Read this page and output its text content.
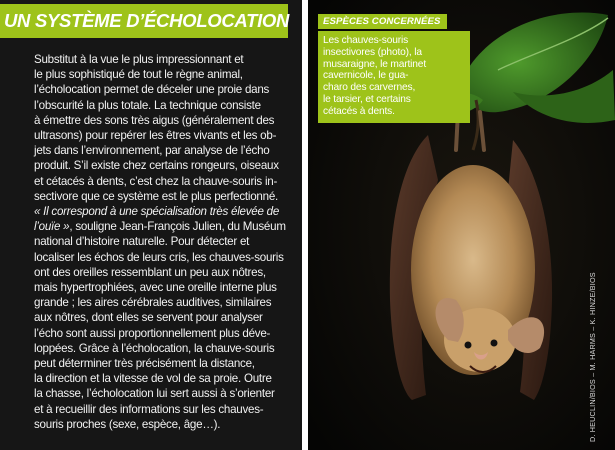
UN SYSTÈME D’ÉCHOLOCATION
Substitut à la vue le plus impressionnant et
le plus sophistiqué de tout le règne animal,
l’écholocation permet de déceler une proie dans
l’obscurité la plus totale. La technique consiste
à émettre des sons très aigus (généralement des
ultrasons) pour repérer les êtres vivants et les ob-
jets dans l’environnement, par analyse de l’écho
produit. S’il existe chez certains rongeurs, oiseaux
et cétacés à dents, c’est chez la chauve-souris in-
sectivore que ce système est le plus perfectionné.
« Il correspond à une spécialisation très élevée de
l’ouïe », souligne Jean-François Julien, du Muséum
national d’histoire naturelle. Pour détecter et
localiser les échos de leurs cris, les chauves-souris
ont des oreilles ressemblant un peu aux nôtres,
mais hypertrophiées, avec une oreille interne plus
grande ; les aires cérébrales auditives, similaires
aux nôtres, dont elles se servent pour analyser
l’écho sont aussi proportionnellement plus déve-
loppées. Grâce à l’écholocation, la chauve-souris
peut déterminer très précisément la distance,
la direction et la vitesse de vol de sa proie. Outre
la chasse, l’écholocation lui sert aussi à s’orienter
et à recueillir des informations sur les chauves-
souris proches (sexe, espèce, âge…).
ESPÈCES CONCERNÉES
Les chauves-souris
insectivores (photo), la
musaraigne, le martinet
cavernicole, le gua-
charo des carvernes,
le tarsier, et certains
cétacés à dents.
D. HEUCLIN/BIOS – M. HARMS – K. HINZE/BIOS
